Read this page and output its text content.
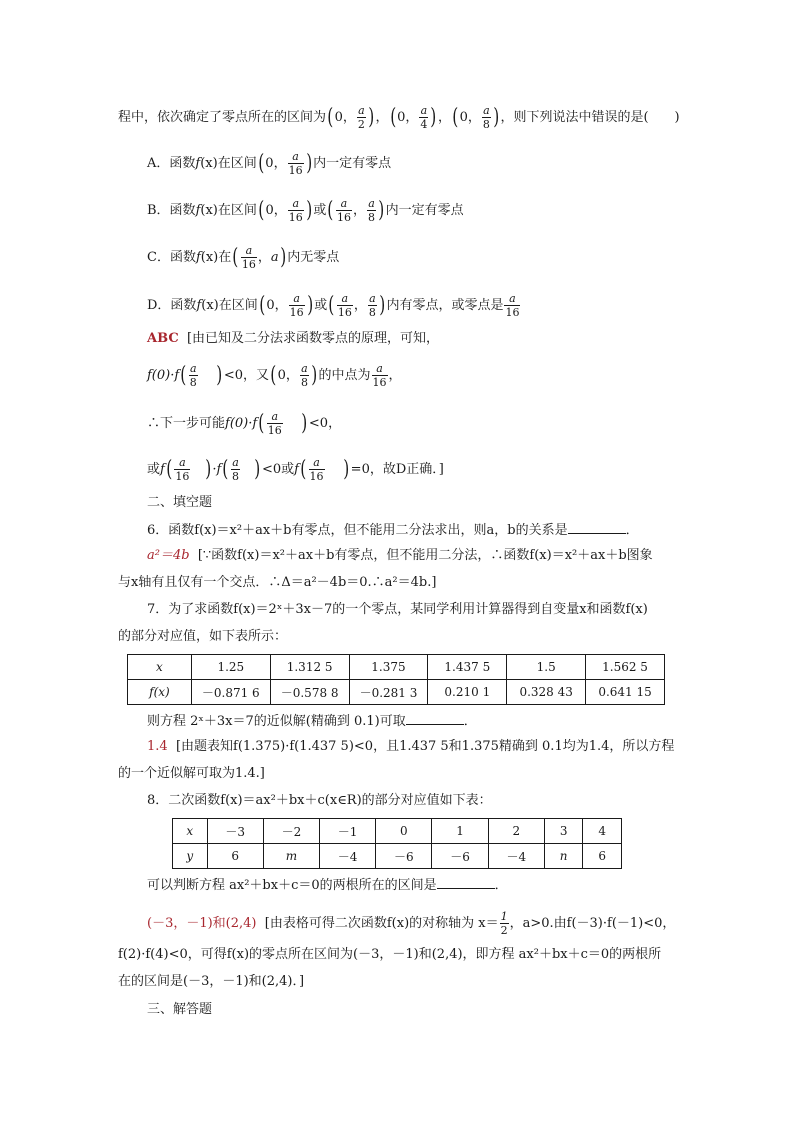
程中，依次确定了零点所在的区间为(0， $\frac{a}{2}$ )，(0， $\frac{a}{4}$ )，(0， $\frac{a}{8}$ )，则下列说法中错误的是(　　)
A．函数f(x)在区间(0， $\frac{a}{16}$ )内一定有零点
B．函数f(x)在区间(0， $\frac{a}{16}$ )或( $\frac{a}{16}$ ， $\frac{a}{8}$ )内一定有零点
C．函数f(x)在( $\frac{a}{16}$ ，a)内无零点
D．函数f(x)在区间(0， $\frac{a}{16}$ )或( $\frac{a}{16}$ ， $\frac{a}{8}$ )内有零点，或零点是 $\frac{a}{16}$
ABC [由已知及二分法求函数零点的原理，可知，
$f(0)\cdot f( \frac{a}{8} )<0$，又(0， $\frac{a}{8}$ )的中点为 $\frac{a}{16}$ ，
∴下一步可能$f(0)\cdot f( \frac{a}{16} )<0$，
或$f( \frac{a}{16} )\cdot f( \frac{a}{8} )<0$或$f( \frac{a}{16} )=0$，故D正确．]
二、填空题
6．函数f(x)＝x²＋ax＋b有零点，但不能用二分法求出，则a，b的关系是	．
a²＝4b [∵函数f(x)＝x²＋ax＋b有零点，但不能用二分法，∴函数f(x)＝x²＋ax＋b图象
与x轴有且仅有一个交点．∴Δ＝a²－4b＝0.∴a²＝4b.]
7．为了求函数f(x)＝2ˣ＋3x－7的一个零点，某同学利用计算器得到自变量x和函数f(x)
的部分对应值，如下表所示：
x	1.25	1.312 5	1.375	1.437 5	1.5	1.562 5
f(x)	－0.871 6	－0.578 8	－0.281 3	0.210 1	0.328 43	0.641 15
则方程 2ˣ＋3x＝7的近似解(精确到 0.1)可取	．
1.4 [由题表知f(1.375)·f(1.437 5)<0，且1.437 5和1.375精确到 0.1均为1.4，所以方程
的一个近似解可取为1.4.]
8．二次函数f(x)＝ax²＋bx＋c(x∈R)的部分对应值如下表：
x	－3	－2	－1	0	1	2	3	4
y	6	m	－4	－6	－6	－4	n	6
可以判断方程 ax²＋bx＋c＝0的两根所在的区间是	．
(－3，－1)和(2,4) [由表格可得二次函数f(x)的对称轴为 $x= \frac{1}{2}$ ，a>0.由f(－3)·f(－1)<0，
f(2)·f(4)<0，可得f(x)的零点所在区间为(－3，－1)和(2,4)，即方程 ax²＋bx＋c＝0的两根所
在的区间是(－3，－1)和(2,4)．]
三、解答题
